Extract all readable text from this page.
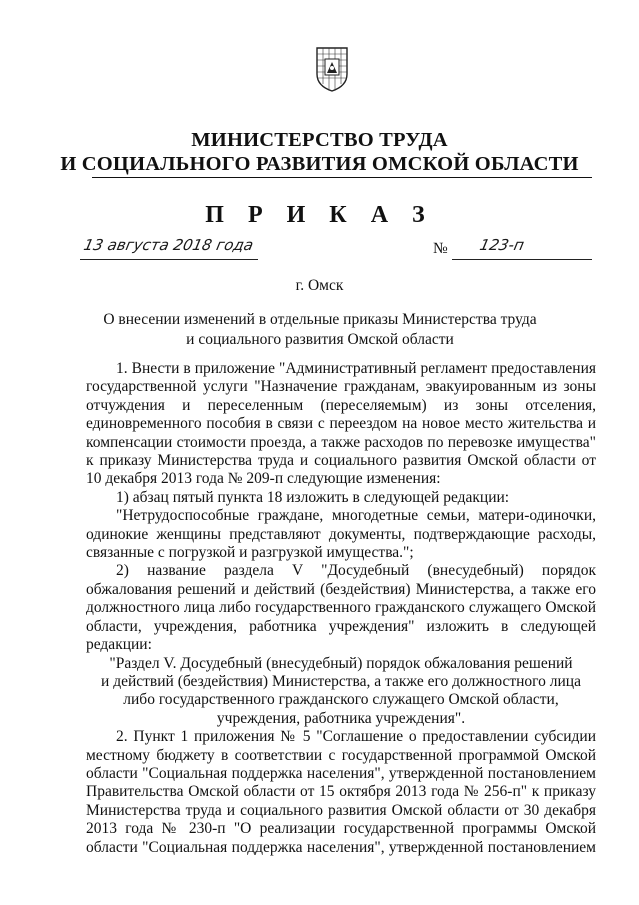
МИНИСТЕРСТВО ТРУДА
И СОЦИАЛЬНОГО РАЗВИТИЯ ОМСКОЙ ОБЛАСТИ
П Р И К А З
13 августа 2018 года	№ 123-п
г. Омск
О внесении изменений в отдельные приказы Министерства труда
и социального развития Омской области

1. Внести в приложение "Административный регламент предоставления государственной услуги "Назначение гражданам, эвакуированным из зоны отчуждения и переселенным (переселяемым) из зоны отселения, единовременного пособия в связи с переездом на новое место жительства и компенсации стоимости проезда, а также расходов по перевозке имущества" к приказу Министерства труда и социального развития Омской области от 10 декабря 2013 года № 209-п следующие изменения:

1) абзац пятый пункта 18 изложить в следующей редакции:

"Нетрудоспособные граждане, многодетные семьи, матери-одиночки, одинокие женщины представляют документы, подтверждающие расходы, связанные с погрузкой и разгрузкой имущества.";

2) название раздела V "Досудебный (внесудебный) порядок обжалования решений и действий (бездействия) Министерства, а также его должностного лица либо государственного гражданского служащего Омской области, учреждения, работника учреждения" изложить в следующей редакции:

"Раздел V. Досудебный (внесудебный) порядок обжалования решений

и действий (бездействия) Министерства, а также его должностного лица

либо государственного гражданского служащего Омской области,

учреждения, работника учреждения".

2. Пункт 1 приложения № 5 "Соглашение о предоставлении субсидии местному бюджету в соответствии с государственной программой Омской области "Социальная поддержка населения", утвержденной постановлением Правительства Омской области от 15 октября 2013 года № 256-п" к приказу Министерства труда и социального развития Омской области от 30 декабря 2013 года № 230-п "О реализации государственной программы Омской области "Социальная поддержка населения", утвержденной постановлением
